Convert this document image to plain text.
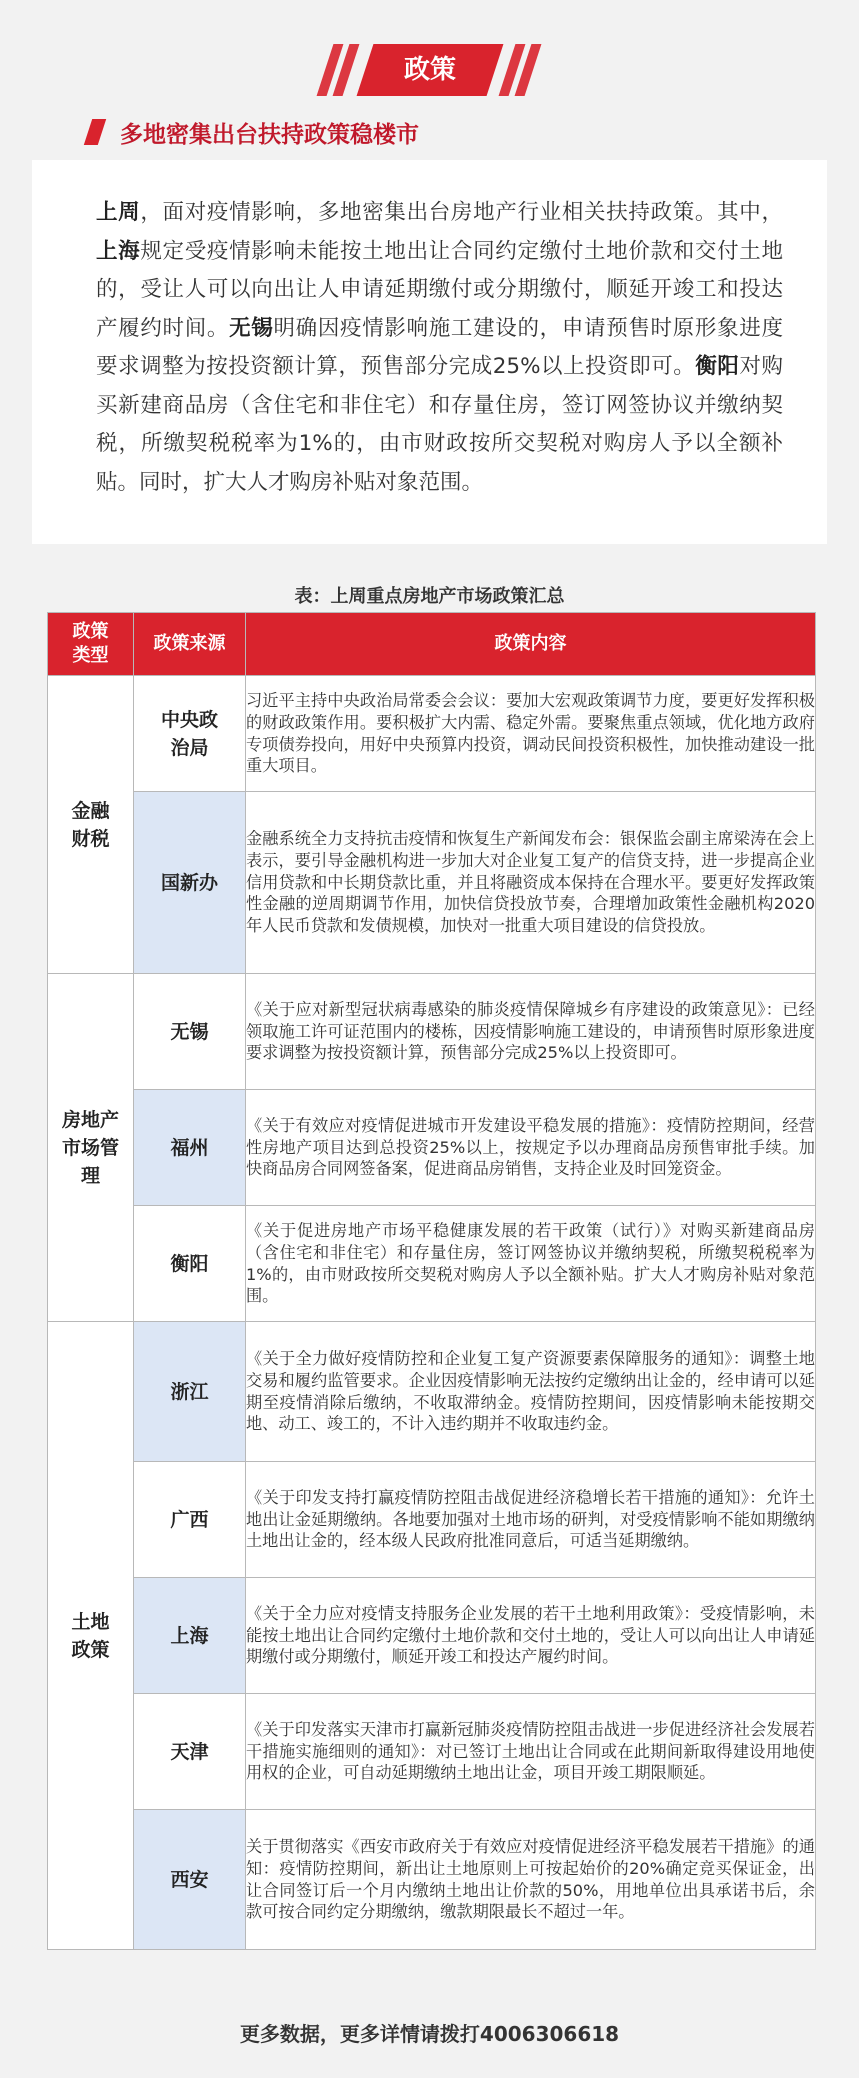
政策
多地密集出台扶持政策稳楼市
上周，面对疫情影响，多地密集出台房地产行业相关扶持政策。其中，上海规定受疫情影响未能按土地出让合同约定缴付土地价款和交付土地的，受让人可以向出让人申请延期缴付或分期缴付，顺延开竣工和投达产履约时间。无锡明确因疫情影响施工建设的，申请预售时原形象进度要求调整为按投资额计算，预售部分完成25%以上投资即可。衡阳对购买新建商品房（含住宅和非住宅）和存量住房，签订网签协议并缴纳契税，所缴契税税率为1%的，由市财政按所交契税对购房人予以全额补贴。同时，扩大人才购房补贴对象范围。
表：上周重点房地产市场政策汇总
政策类型	政策来源	政策内容

金融财税	中央政治局	习近平主持中央政治局常委会会议：要加大宏观政策调节力度，要更好发挥积极的财政政策作用。要积极扩大内需、稳定外需。要聚焦重点领域，优化地方政府专项债券投向，用好中央预算内投资，调动民间投资积极性，加快推动建设一批重大项目。
	国新办	金融系统全力支持抗击疫情和恢复生产新闻发布会：银保监会副主席梁涛在会上表示，要引导金融机构进一步加大对企业复工复产的信贷支持，进一步提高企业信用贷款和中长期贷款比重，并且将融资成本保持在合理水平。要更好发挥政策性金融的逆周期调节作用，加快信贷投放节奏，合理增加政策性金融机构2020年人民币贷款和发债规模，加快对一批重大项目建设的信贷投放。

房地产市场管理	无锡	《关于应对新型冠状病毒感染的肺炎疫情保障城乡有序建设的政策意见》：已经领取施工许可证范围内的楼栋，因疫情影响施工建设的，申请预售时原形象进度要求调整为按投资额计算，预售部分完成25%以上投资即可。
	福州	《关于有效应对疫情促进城市开发建设平稳发展的措施》：疫情防控期间，经营性房地产项目达到总投资25%以上，按规定予以办理商品房预售审批手续。加快商品房合同网签备案，促进商品房销售，支持企业及时回笼资金。
	衡阳	《关于促进房地产市场平稳健康发展的若干政策（试行）》对购买新建商品房（含住宅和非住宅）和存量住房，签订网签协议并缴纳契税，所缴契税税率为1%的，由市财政按所交契税对购房人予以全额补贴。扩大人才购房补贴对象范围。

土地政策	浙江	《关于全力做好疫情防控和企业复工复产资源要素保障服务的通知》：调整土地交易和履约监管要求。企业因疫情影响无法按约定缴纳出让金的，经申请可以延期至疫情消除后缴纳，不收取滞纳金。疫情防控期间，因疫情影响未能按期交地、动工、竣工的，不计入违约期并不收取违约金。
	广西	《关于印发支持打赢疫情防控阻击战促进经济稳增长若干措施的通知》：允许土地出让金延期缴纳。各地要加强对土地市场的研判，对受疫情影响不能如期缴纳土地出让金的，经本级人民政府批准同意后，可适当延期缴纳。
	上海	《关于全力应对疫情支持服务企业发展的若干土地利用政策》：受疫情影响，未能按土地出让合同约定缴付土地价款和交付土地的，受让人可以向出让人申请延期缴付或分期缴付，顺延开竣工和投达产履约时间。
	天津	《关于印发落实天津市打赢新冠肺炎疫情防控阻击战进一步促进经济社会发展若干措施实施细则的通知》：对已签订土地出让合同或在此期间新取得建设用地使用权的企业，可自动延期缴纳土地出让金，项目开竣工期限顺延。
	西安	关于贯彻落实《西安市政府关于有效应对疫情促进经济平稳发展若干措施》的通知：疫情防控期间，新出让土地原则上可按起始价的20%确定竞买保证金，出让合同签订后一个月内缴纳土地出让价款的50%，用地单位出具承诺书后，余款可按合同约定分期缴纳，缴款期限最长不超过一年。
更多数据，更多详情请拨打4006306618
